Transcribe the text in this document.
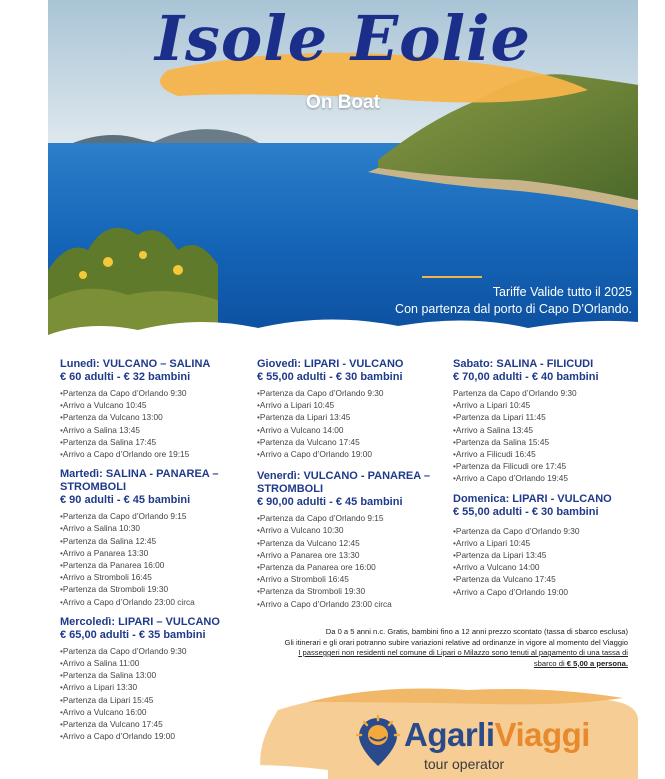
Isole Eolie
On Boat
Tariffe Valide tutto il 2025
Con partenza dal porto di Capo D’Orlando.
Lunedì: VULCANO – SALINA
€ 60 adulti - € 32 bambini
• Partenza da Capo d’Orlando 9:30
• Arrivo a Vulcano 10:45
• Partenza da Vulcano 13:00
• Arrivo a Salina 13:45
• Partenza da Salina 17:45
• Arrivo a Capo d’Orlando ore 19:15
Martedì: SALINA - PANAREA – STROMBOLI
€ 90 adulti - € 45 bambini
• Partenza da Capo d’Orlando 9:15
• Arrivo a Salina 10:30
• Partenza da Salina 12:45
• Arrivo a Panarea 13:30
• Partenza da Panarea 16:00
• Arrivo a Stromboli 16:45
• Partenza da Stromboli 19:30
• Arrivo a Capo d’Orlando 23:00 circa
Mercoledì: LIPARI – VULCANO
€ 65,00 adulti - € 35 bambini
• Partenza da Capo d’Orlando 9:30
• Arrivo a Salina 11:00
• Partenza da Salina 13:00
• Arrivo a Lipari 13:30
• Partenza da Lipari 15:45
• Arrivo a Vulcano 16:00
• Partenza da Vulcano 17:45
• Arrivo a Capo d’Orlando 19:00
Giovedì: LIPARI - VULCANO
€ 55,00 adulti - € 30 bambini
• Partenza da Capo d’Orlando 9:30
• Arrivo a Lipari 10:45
• Partenza da Lipari 13:45
• Arrivo a Vulcano 14:00
• Partenza da Vulcano 17:45
• Arrivo a Capo d’Orlando 19:00
Venerdì: VULCANO - PANAREA – STROMBOLI
€ 90,00 adulti - € 45 bambini
• Partenza da Capo d’Orlando 9:15
• Arrivo a Vulcano 10:30
• Partenza da Vulcano 12:45
• Arrivo a Panarea ore 13:30
• Partenza da Panarea ore 16:00
• Arrivo a Stromboli 16:45
• Partenza da Stromboli 19:30
• Arrivo a Capo d’Orlando 23:00 circa
Sabato: SALINA - FILICUDI
€ 70,00 adulti - € 40 bambini
Partenza da Capo d’Orlando 9:30
• Arrivo a Lipari 10:45
• Partenza da Lipari 11:45
• Arrivo a Salina 13:45
• Partenza da Salina 15:45
• Arrivo a Filicudi 16:45
• Partenza da Filicudi ore 17:45
• Arrivo a Capo d’Orlando 19:45
Domenica: LIPARI - VULCANO
€ 55,00 adulti - € 30 bambini
• Partenza da Capo d’Orlando 9:30
• Arrivo a Lipari 10:45
• Partenza da Lipari 13:45
• Arrivo a Vulcano 14:00
• Partenza da Vulcano 17:45
• Arrivo a Capo d’Orlando 19:00
Da 0 a 5 anni n.c. Gratis, bambini fino a 12 anni prezzo scontato (tassa di sbarco esclusa)
Gli itinerari e gli orari potranno subire variazioni relative ad ordinanze in vigore al momento del Viaggio
I passeggeri non residenti nel comune di Lipari o Milazzo sono tenuti al pagamento di una tassa di
sbarco di € 5,00 a persona.
AgarliViaggi
tour operator
